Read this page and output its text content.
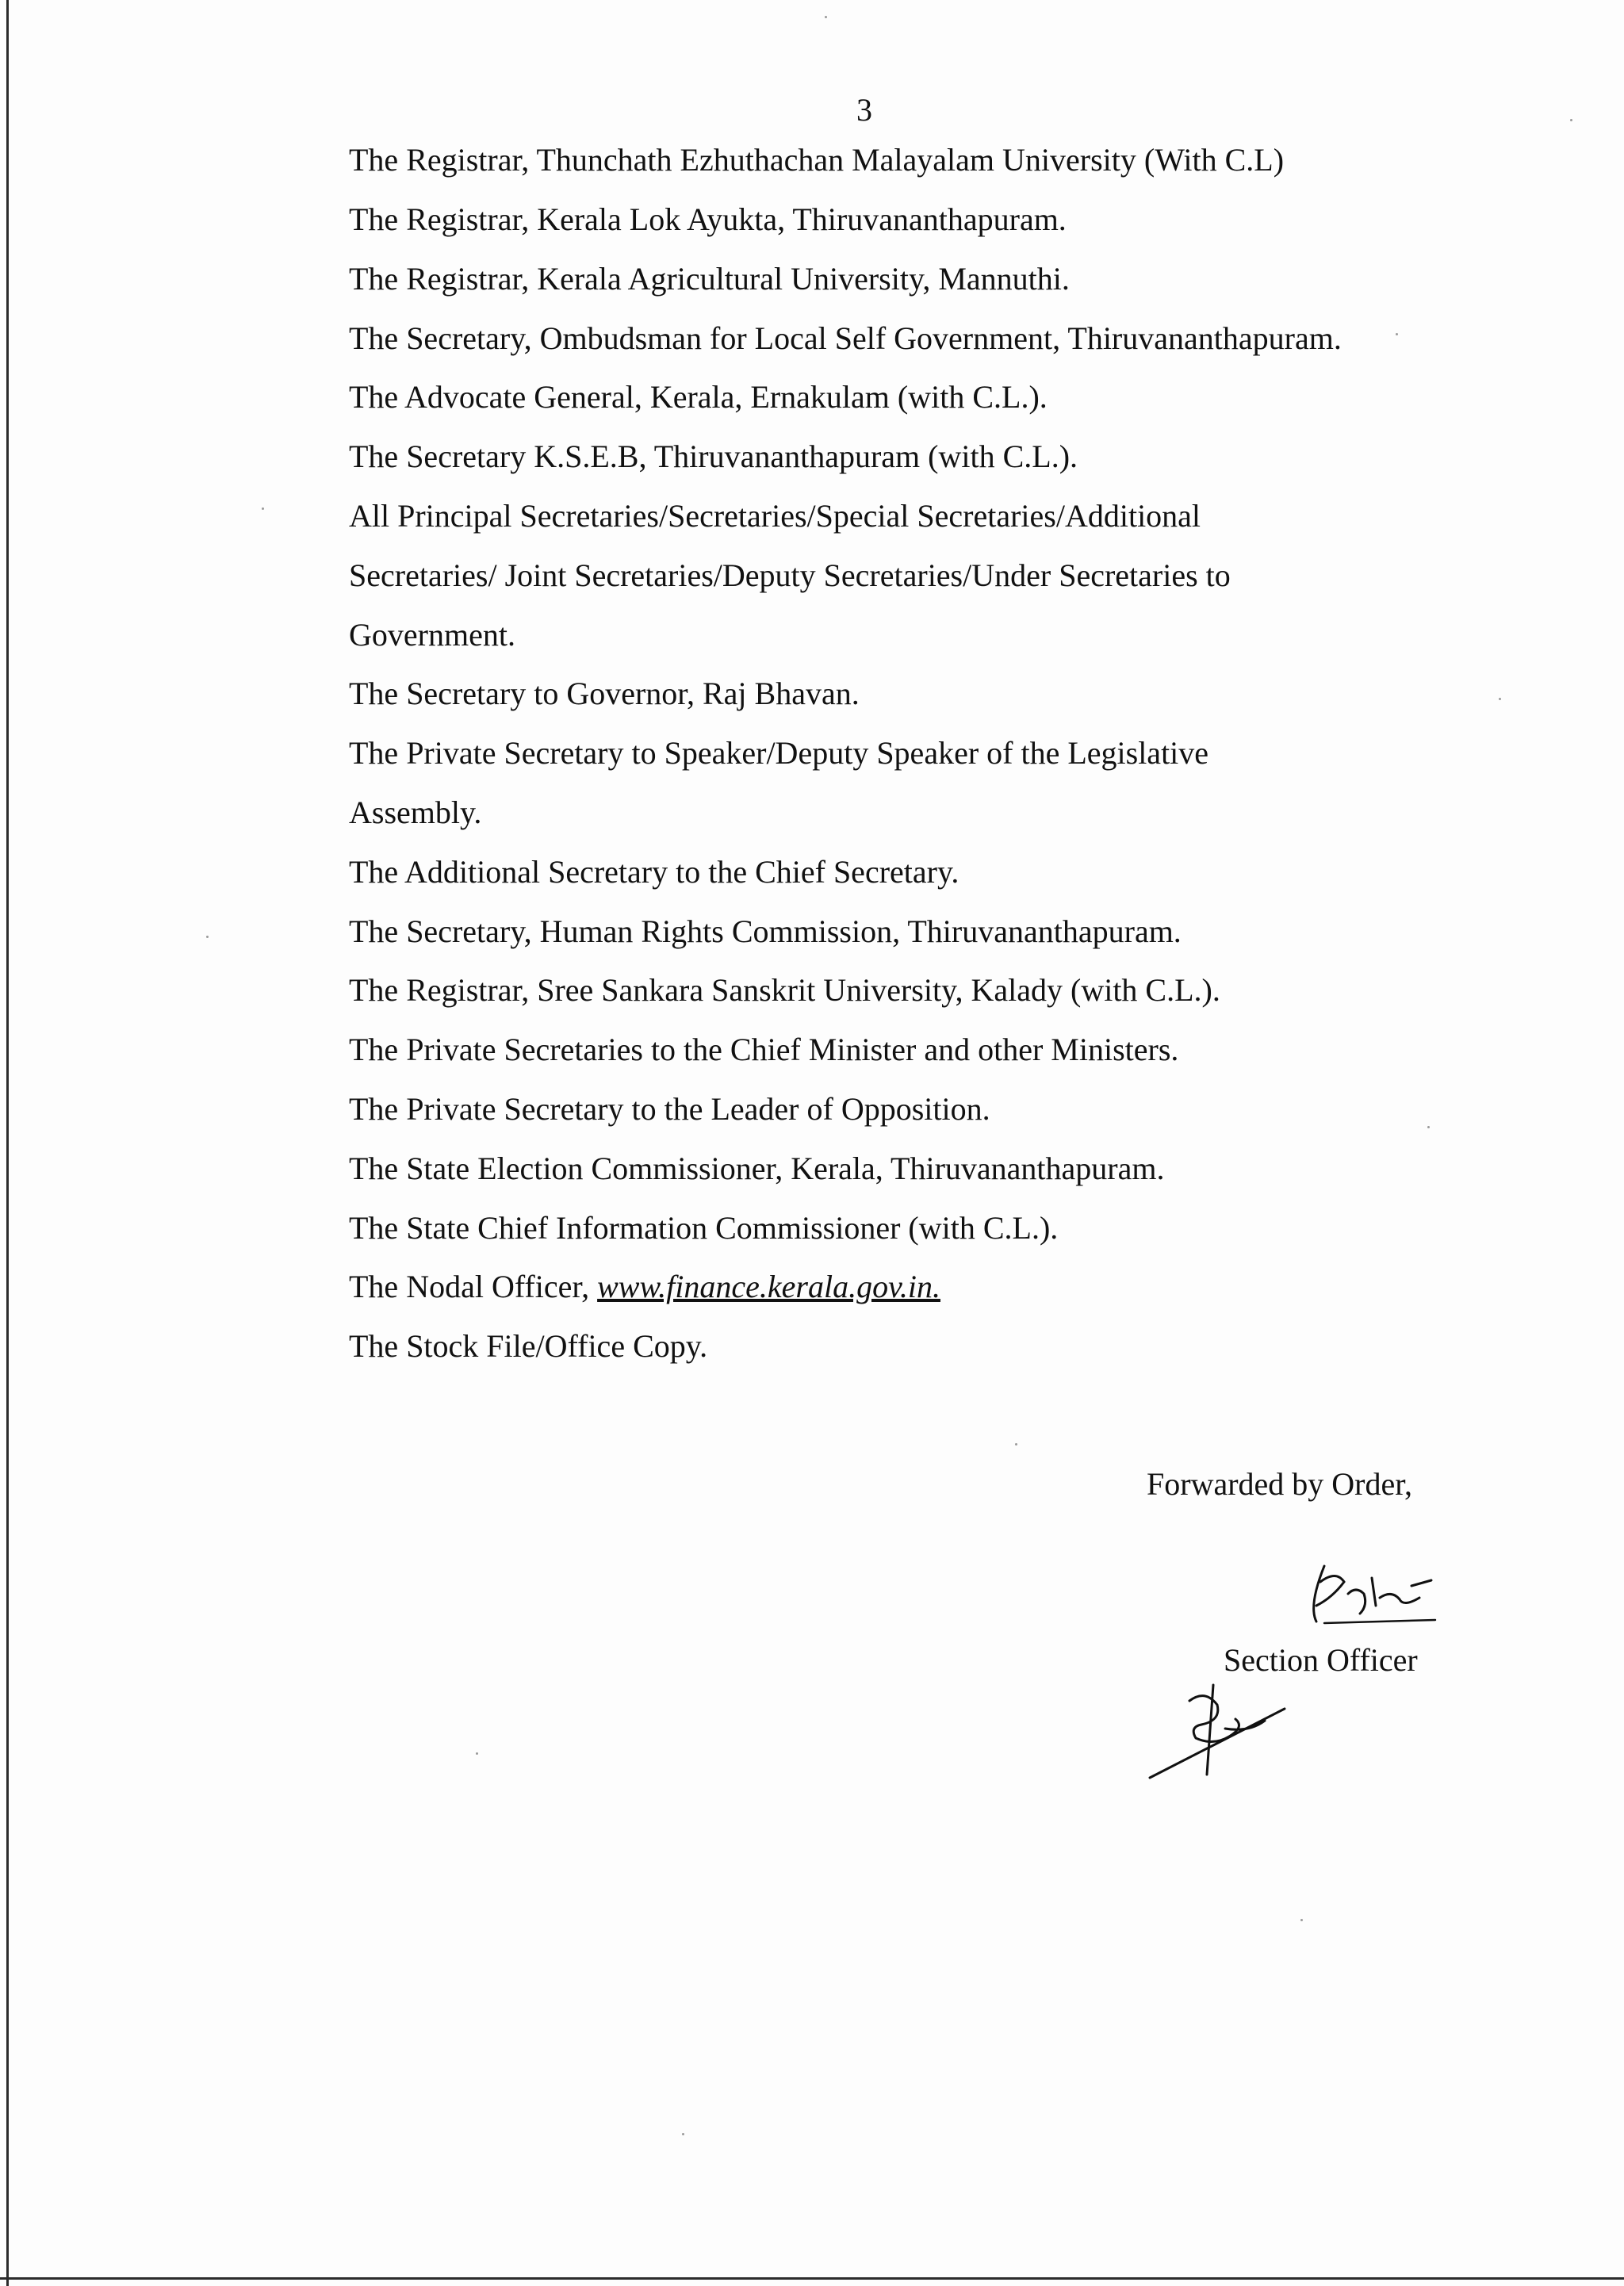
3
The Registrar, Thunchath Ezhuthachan Malayalam University (With C.L)
The Registrar, Kerala Lok Ayukta, Thiruvananthapuram.
The Registrar, Kerala Agricultural University, Mannuthi.
The Secretary, Ombudsman for Local Self Government, Thiruvananthapuram.
The Advocate General, Kerala, Ernakulam (with C.L.).
The Secretary K.S.E.B, Thiruvananthapuram (with C.L.).
All Principal Secretaries/Secretaries/Special Secretaries/Additional
Secretaries/ Joint Secretaries/Deputy Secretaries/Under Secretaries to
Government.
The Secretary to Governor, Raj Bhavan.
The Private Secretary to Speaker/Deputy Speaker of the Legislative
Assembly.
The Additional Secretary to the Chief Secretary.
The Secretary, Human Rights Commission, Thiruvananthapuram.
The Registrar, Sree Sankara Sanskrit University, Kalady (with C.L.).
The Private Secretaries to the Chief Minister and other Ministers.
The Private Secretary to the Leader of Opposition.
The State Election Commissioner, Kerala, Thiruvananthapuram.
The State Chief Information Commissioner (with C.L.).
The Nodal Officer, www.finance.kerala.gov.in.
The Stock File/Office Copy.
Forwarded by Order,
Section Officer
